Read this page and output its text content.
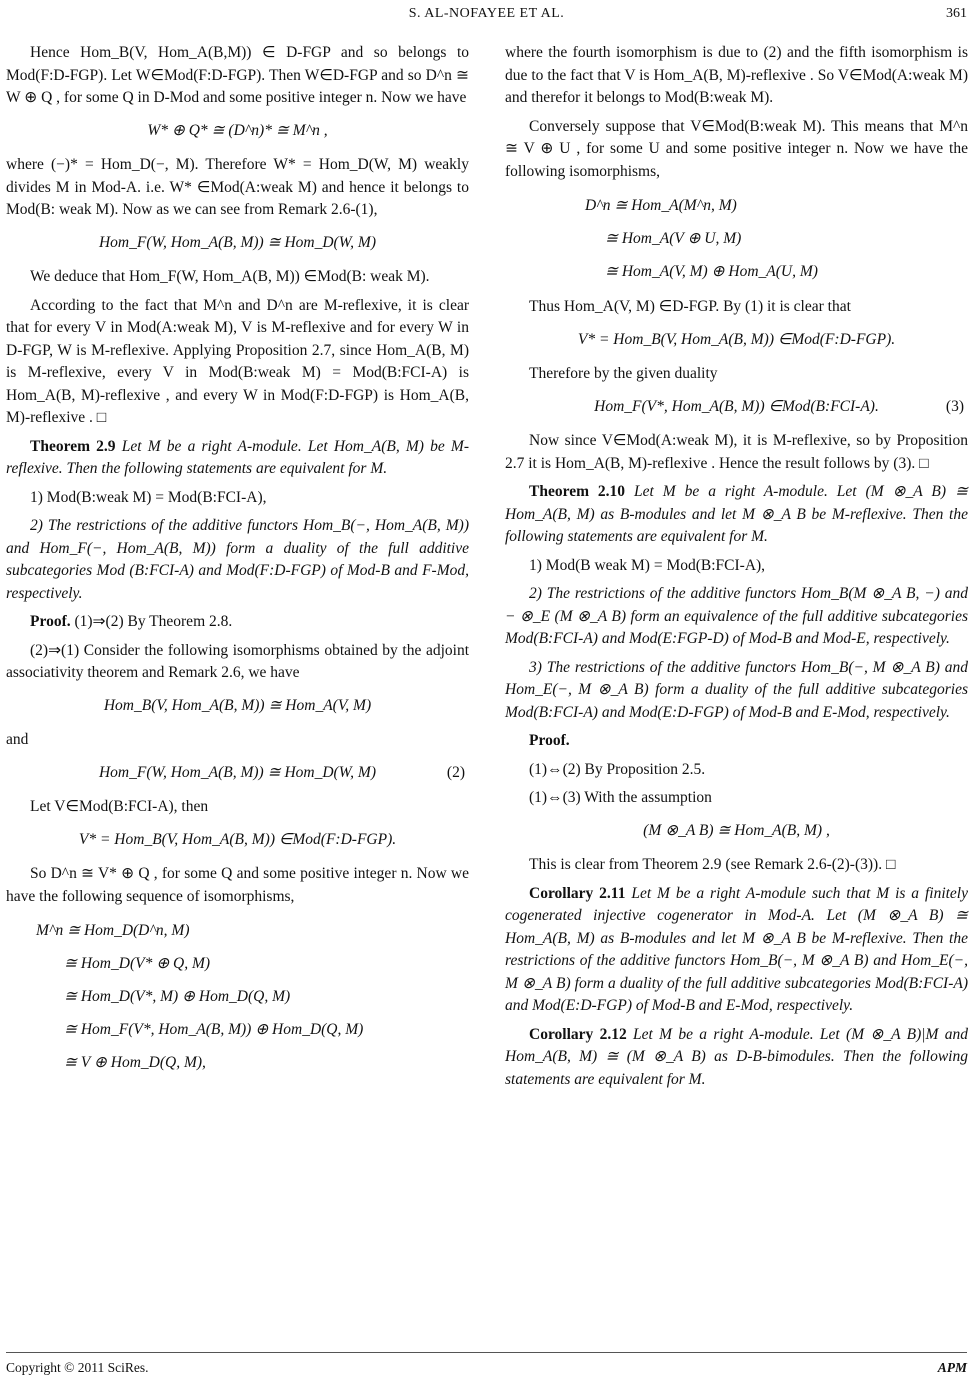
S. AL-NOFAYEE ET AL.	361

Hence Hom_B(V, Hom_A(B,M)) ∈ D-FGP and so belongs to Mod(F:D-FGP). Let W∈Mod(F:D-FGP). Then W∈D-FGP and so D^n ≅ W ⊕ Q , for some Q in D-Mod and some positive integer n. Now we have

W* ⊕ Q* ≅ (D^n)* ≅ M^n ,

where (−)* = Hom_D(−, M). Therefore W* = Hom_D(W, M) weakly divides M in Mod-A. i.e. W* ∈Mod(A:weak M) and hence it belongs to Mod(B: weak M). Now as we can see from Remark 2.6-(1),

Hom_F(W, Hom_A(B, M)) ≅ Hom_D(W, M)

We deduce that Hom_F(W, Hom_A(B, M)) ∈Mod(B: weak M).

According to the fact that M^n and D^n are M-reflexive, it is clear that for every V in Mod(A:weak M), V is M-reflexive and for every W in D-FGP, W is M-reflexive. Applying Proposition 2.7, since Hom_A(B, M) is M-reflexive, every V in Mod(B:weak M) = Mod(B:FCI-A) is Hom_A(B, M)-reflexive , and every W in Mod(F:D-FGP) is Hom_A(B, M)-reflexive . □

Theorem 2.9 Let M be a right A-module. Let Hom_A(B, M) be M-reflexive. Then the following statements are equivalent for M.

1) Mod(B:weak M) = Mod(B:FCI-A),

2) The restrictions of the additive functors Hom_B(−, Hom_A(B, M)) and Hom_F(−, Hom_A(B, M)) form a duality of the full additive subcategories Mod (B:FCI-A) and Mod(F:D-FGP) of Mod-B and F-Mod, respectively.

Proof. (1)⇒(2) By Theorem 2.8.

(2)⇒(1) Consider the following isomorphisms obtained by the adjoint associativity theorem and Remark 2.6, we have

Hom_B(V, Hom_A(B, M)) ≅ Hom_A(V, M)

and

Hom_F(W, Hom_A(B, M)) ≅ Hom_D(W, M)	(2)

Let V∈Mod(B:FCI-A), then

V* = Hom_B(V, Hom_A(B, M)) ∈Mod(F:D-FGP).

So D^n ≅ V* ⊕ Q , for some Q and some positive integer n. Now we have the following sequence of isomorphisms,

M^n ≅ Hom_D(D^n, M)
≅ Hom_D(V* ⊕ Q, M)
≅ Hom_D(V*, M) ⊕ Hom_D(Q, M)
≅ Hom_F(V*, Hom_A(B, M)) ⊕ Hom_D(Q, M)
≅ V ⊕ Hom_D(Q, M),

where the fourth isomorphism is due to (2) and the fifth isomorphism is due to the fact that V is Hom_A(B, M)-reflexive . So V∈Mod(A:weak M) and therefor it belongs to Mod(B:weak M).

Conversely suppose that V∈Mod(B:weak M). This means that M^n ≅ V ⊕ U , for some U and some positive integer n. Now we have the following isomorphisms,

D^n ≅ Hom_A(M^n, M)
≅ Hom_A(V ⊕ U, M)
≅ Hom_A(V, M) ⊕ Hom_A(U, M)

Thus Hom_A(V, M) ∈D-FGP. By (1) it is clear that

V* = Hom_B(V, Hom_A(B, M)) ∈Mod(F:D-FGP).

Therefore by the given duality

Hom_F(V*, Hom_A(B, M)) ∈Mod(B:FCI-A).	(3)

Now since V∈Mod(A:weak M), it is M-reflexive, so by Proposition 2.7 it is Hom_A(B, M)-reflexive . Hence the result follows by (3). □

Theorem 2.10 Let M be a right A-module. Let (M ⊗_A B) ≅ Hom_A(B, M) as B-modules and let M ⊗_A B be M-reflexive. Then the following statements are equivalent for M.

1) Mod(B weak M) = Mod(B:FCI-A),

2) The restrictions of the additive functors Hom_B(M ⊗_A B, −) and − ⊗_E (M ⊗_A B) form an equivalence of the full additive subcategories Mod(B:FCI-A) and Mod(E:FGP-D) of Mod-B and Mod-E, respectively.

3) The restrictions of the additive functors Hom_B(−, M ⊗_A B) and Hom_E(−, M ⊗_A B) form a duality of the full additive subcategories Mod(B:FCI-A) and Mod(E:D-FGP) of Mod-B and E-Mod, respectively.

Proof.

(1)⇔(2) By Proposition 2.5.

(1)⇔(3) With the assumption

(M ⊗_A B) ≅ Hom_A(B, M) ,

This is clear from Theorem 2.9 (see Remark 2.6-(2)-(3)). □

Corollary 2.11 Let M be a right A-module such that M is a finitely cogenerated injective cogenerator in Mod-A. Let (M ⊗_A B) ≅ Hom_A(B, M) as B-modules and let M ⊗_A B be M-reflexive. Then the restrictions of the additive functors Hom_B(−, M ⊗_A B) and Hom_E(−, M ⊗_A B) form a duality of the full additive subcategories Mod(B:FCI-A) and Mod(E:D-FGP) of Mod-B and E-Mod, respectively.

Corollary 2.12 Let M be a right A-module. Let (M ⊗_A B)|M and Hom_A(B, M) ≅ (M ⊗_A B) as D-B-bimodules. Then the following statements are equivalent for M.

Copyright © 2011 SciRes.	APM
